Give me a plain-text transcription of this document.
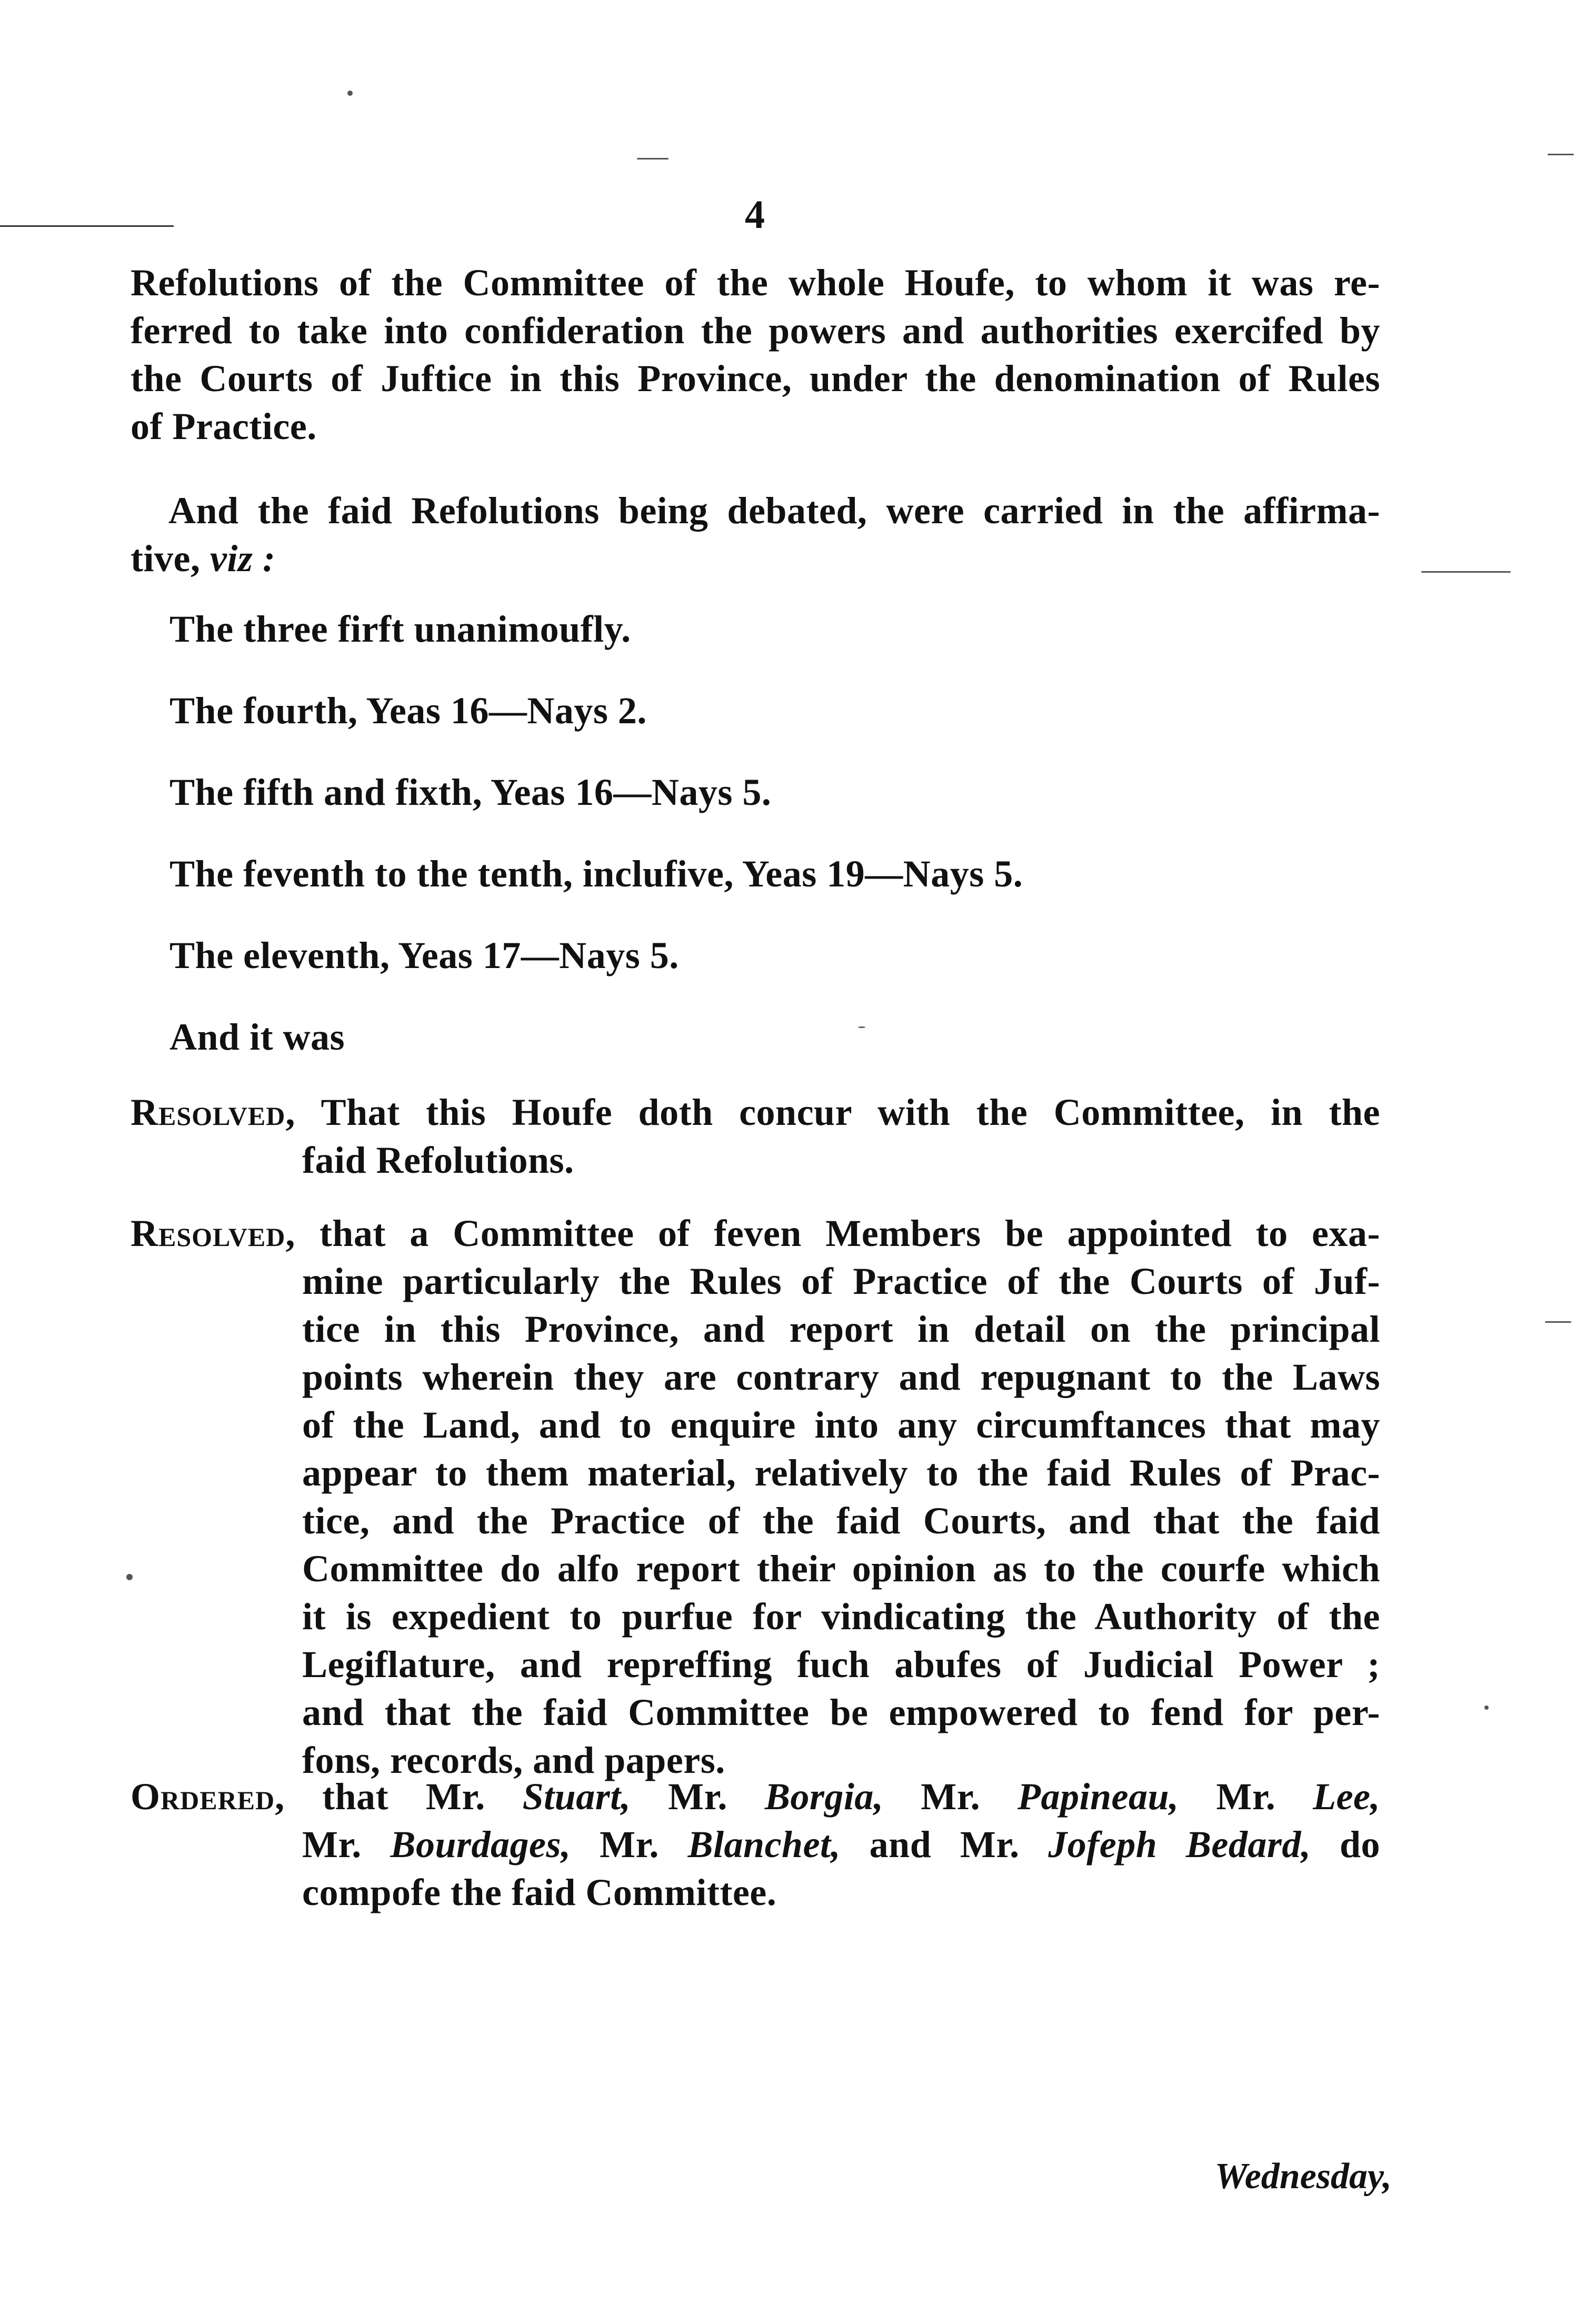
4
Refolutions of the Committee of the whole Houfe, to whom it was re-
ferred to take into confideration the powers and authorities exercifed by
the Courts of Juftice in this Province, under the denomination of Rules
of Practice.
And the faid Refolutions being debated, were carried in the affirma-
tive, viz :
The three firft unanimoufly.
The fourth, Yeas 16—Nays 2.
The fifth and fixth, Yeas 16—Nays 5.
The feventh to the tenth, inclufive, Yeas 19—Nays 5.
The eleventh, Yeas 17—Nays 5.
And it was
Resolved, That this Houfe doth concur with the Committee, in the
faid Refolutions.
Resolved, that a Committee of feven Members be appointed to exa-
mine particularly the Rules of Practice of the Courts of Juf-
tice in this Province, and report in detail on the principal
points wherein they are contrary and repugnant to the Laws
of the Land, and to enquire into any circumftances that may
appear to them material, relatively to the faid Rules of Prac-
tice, and the Practice of the faid Courts, and that the faid
Committee do alfo report their opinion as to the courfe which
it is expedient to purfue for vindicating the Authority of the
Legiflature, and repreffing fuch abufes of Judicial Power ;
and that the faid Committee be empowered to fend for per-
fons, records, and papers.
Ordered, that Mr. Stuart, Mr. Borgia, Mr. Papineau, Mr. Lee,
Mr. Bourdages, Mr. Blanchet, and Mr. Jofeph Bedard, do
compofe the faid Committee.
Wednesday,
